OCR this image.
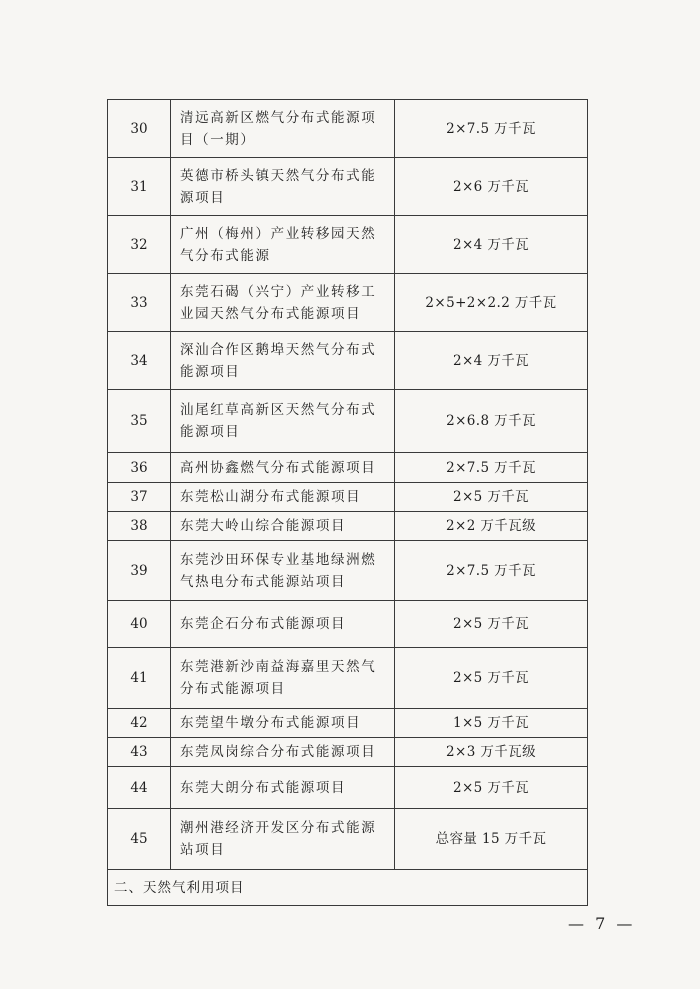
30	清远高新区燃气分布式能源项目（一期）	2×7.5 万千瓦
31	英德市桥头镇天然气分布式能源项目	2×6 万千瓦
32	广州（梅州）产业转移园天然气分布式能源	2×4 万千瓦
33	东莞石碣（兴宁）产业转移工业园天然气分布式能源项目	2×5+2×2.2 万千瓦
34	深汕合作区鹅埠天然气分布式能源项目	2×4 万千瓦
35	汕尾红草高新区天然气分布式能源项目	2×6.8 万千瓦
36	高州协鑫燃气分布式能源项目	2×7.5 万千瓦
37	东莞松山湖分布式能源项目	2×5 万千瓦
38	东莞大岭山综合能源项目	2×2 万千瓦级
39	东莞沙田环保专业基地绿洲燃气热电分布式能源站项目	2×7.5 万千瓦
40	东莞企石分布式能源项目	2×5 万千瓦
41	东莞港新沙南益海嘉里天然气分布式能源项目	2×5 万千瓦
42	东莞望牛墩分布式能源项目	1×5 万千瓦
43	东莞凤岗综合分布式能源项目	2×3 万千瓦级
44	东莞大朗分布式能源项目	2×5 万千瓦
45	潮州港经济开发区分布式能源站项目	总容量 15 万千瓦
二、天然气利用项目		
— 7 —
